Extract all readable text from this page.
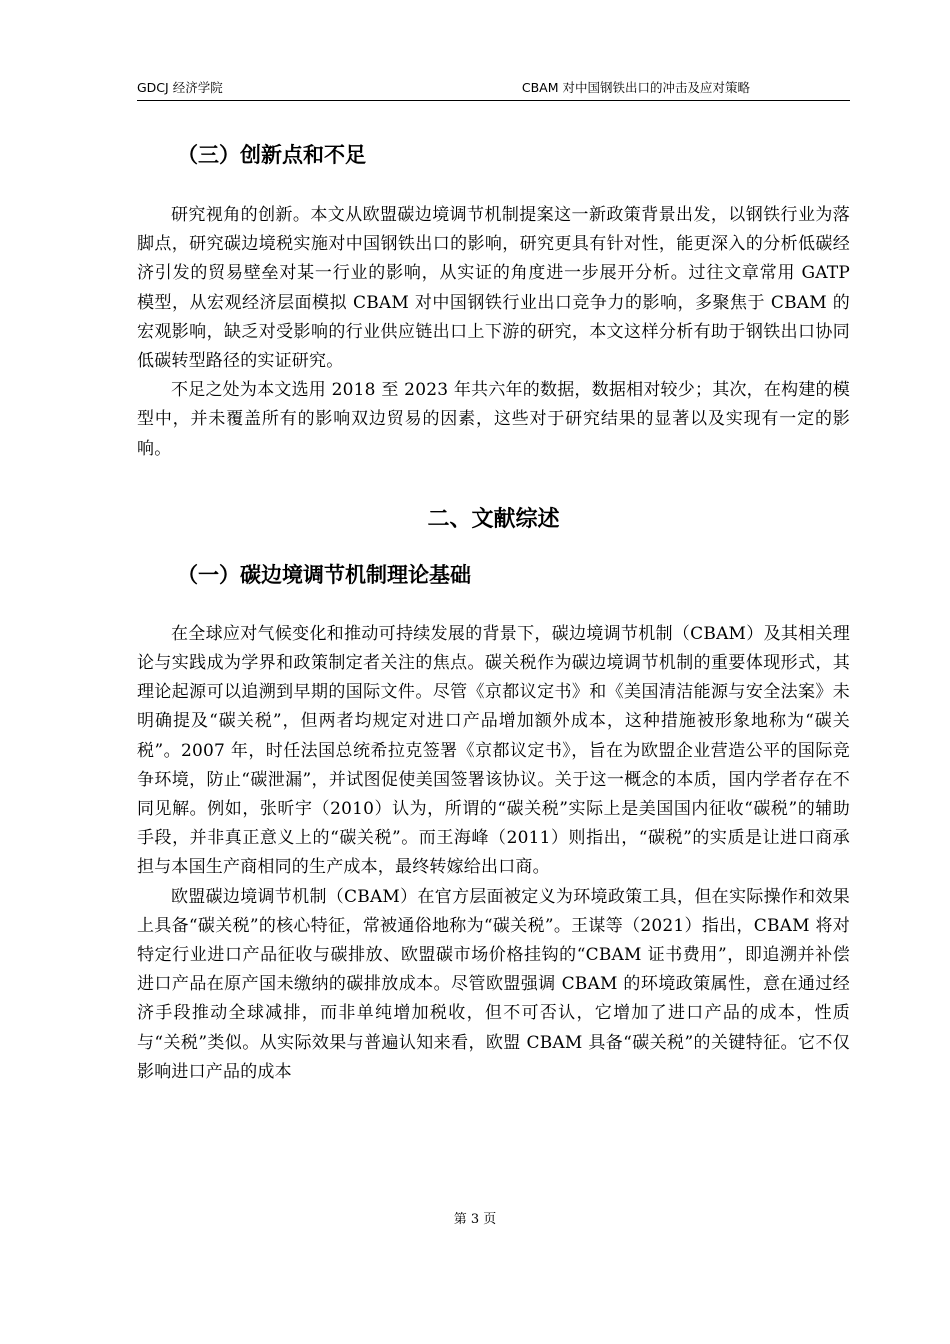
GDCJ 经济学院	CBAM 对中国钢铁出口的冲击及应对策略
（三）创新点和不足

研究视角的创新。本文从欧盟碳边境调节机制提案这一新政策背景出发，以钢铁行业为落脚点，研究碳边境税实施对中国钢铁出口的影响，研究更具有针对性，能更深入的分析低碳经济引发的贸易壁垒对某一行业的影响，从实证的角度进一步展开分析。过往文章常用 GATP 模型，从宏观经济层面模拟 CBAM 对中国钢铁行业出口竞争力的影响，多聚焦于 CBAM 的宏观影响，缺乏对受影响的行业供应链出口上下游的研究，本文这样分析有助于钢铁出口协同低碳转型路径的实证研究。

不足之处为本文选用 2018 至 2023 年共六年的数据，数据相对较少；其次，在构建的模型中，并未覆盖所有的影响双边贸易的因素，这些对于研究结果的显著以及实现有一定的影响。

二、文献综述
（一）碳边境调节机制理论基础

在全球应对气候变化和推动可持续发展的背景下，碳边境调节机制（CBAM）及其相关理论与实践成为学界和政策制定者关注的焦点。碳关税作为碳边境调节机制的重要体现形式，其理论起源可以追溯到早期的国际文件。尽管《京都议定书》和《美国清洁能源与安全法案》未明确提及“碳关税”，但两者均规定对进口产品增加额外成本，这种措施被形象地称为“碳关税”。2007 年，时任法国总统希拉克签署《京都议定书》，旨在为欧盟企业营造公平的国际竞争环境，防止“碳泄漏”，并试图促使美国签署该协议。关于这一概念的本质，国内学者存在不同见解。例如，张昕宇（2010）认为，所谓的“碳关税”实际上是美国国内征收“碳税”的辅助手段，并非真正意义上的“碳关税”。而王海峰（2011）则指出，“碳税”的实质是让进口商承担与本国生产商相同的生产成本，最终转嫁给出口商。

欧盟碳边境调节机制（CBAM）在官方层面被定义为环境政策工具，但在实际操作和效果上具备“碳关税”的核心特征，常被通俗地称为“碳关税”。王谋等（2021）指出，CBAM 将对特定行业进口产品征收与碳排放、欧盟碳市场价格挂钩的“CBAM 证书费用”，即追溯并补偿进口产品在原产国未缴纳的碳排放成本。尽管欧盟强调 CBAM 的环境政策属性，意在通过经济手段推动全球减排，而非单纯增加税收，但不可否认，它增加了进口产品的成本，性质与“关税”类似。从实际效果与普遍认知来看，欧盟 CBAM 具备“碳关税”的关键特征。它不仅影响进口产品的成本

第 3 页
